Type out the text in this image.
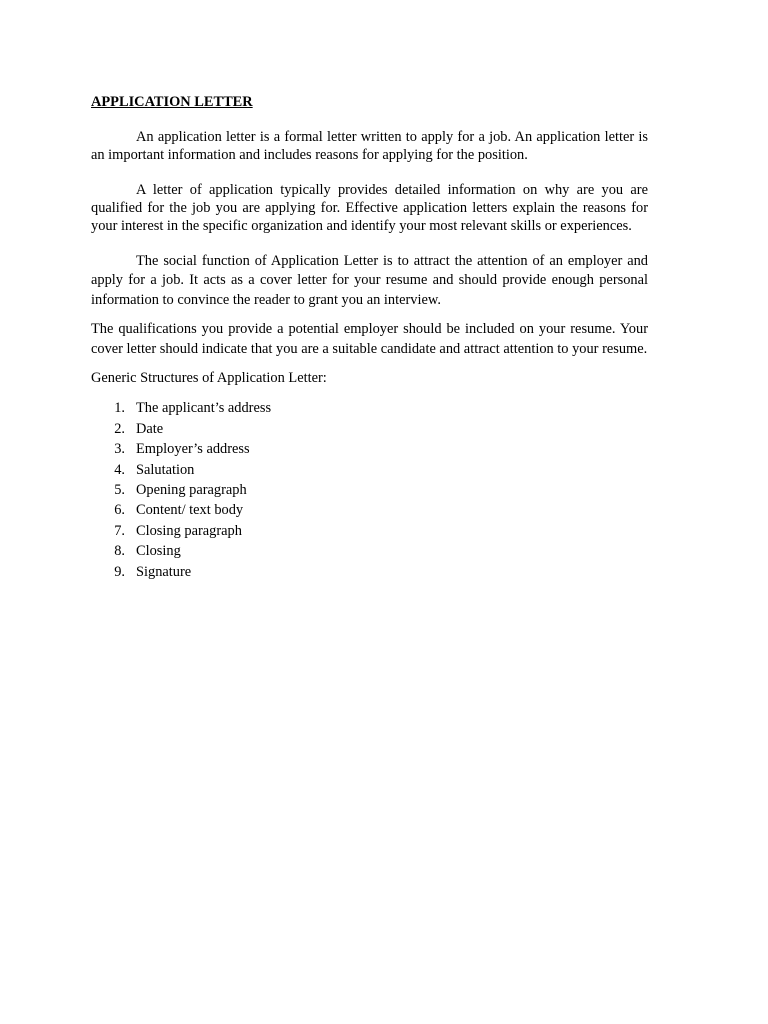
APPLICATION LETTER

An application letter is a formal letter written to apply for a job. An application letter is an important information and includes reasons for applying for the position.

A letter of application typically provides detailed information on why are you are qualified for the job you are applying for. Effective application letters explain the reasons for your interest in the specific organization and identify your most relevant skills or experiences.

The social function of Application Letter is to attract the attention of an employer and apply for a job. It acts as a cover letter for your resume and should provide enough personal information to convince the reader to grant you an interview.

The qualifications you provide a potential employer should be included on your resume. Your cover letter should indicate that you are a suitable candidate and attract attention to your resume.

Generic Structures of Application Letter:
1. The applicant’s address
2. Date
3. Employer’s address
4. Salutation
5. Opening paragraph
6. Content/ text body
7. Closing paragraph
8. Closing
9. Signature
